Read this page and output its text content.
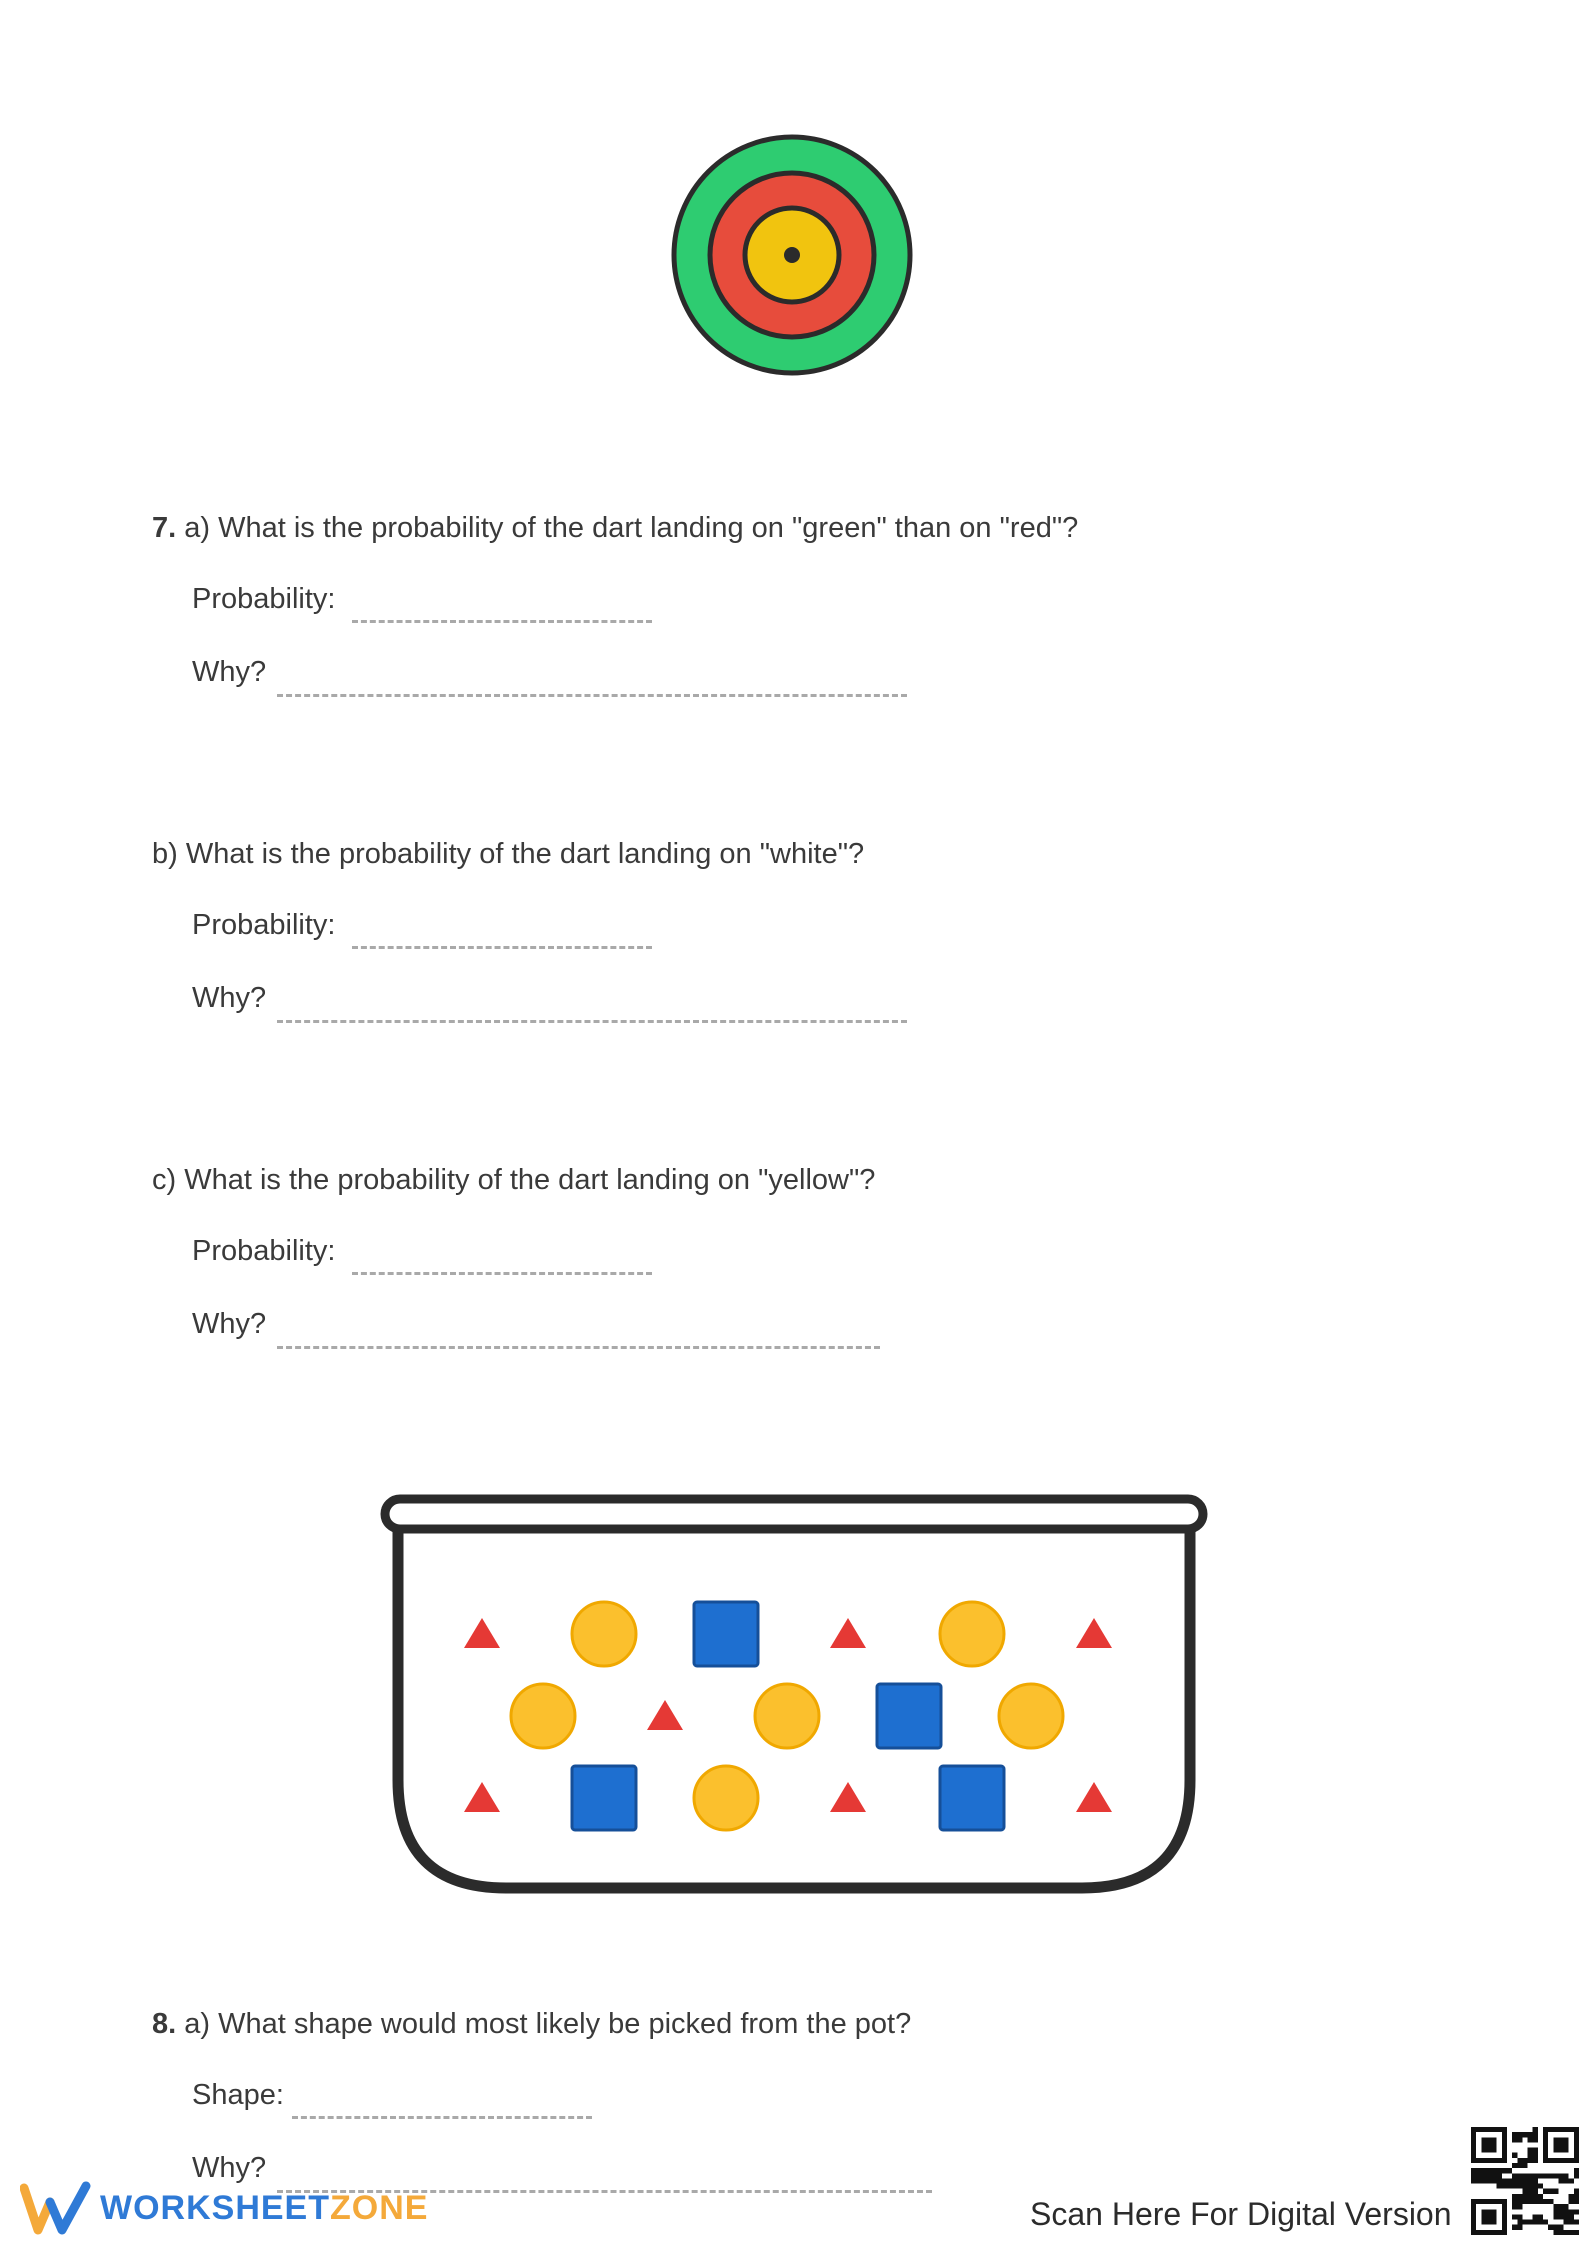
7. a) What is the probability of the dart landing on "green" than on "red"?
Probability:
Why?
b) What is the probability of the dart landing on "white"?
Probability:
Why?
c) What is the probability of the dart landing on "yellow"?
Probability:
Why?
8. a) What shape would most likely be picked from the pot?
Shape:
Why?
WORKSHEETZONE	Scan Here For Digital Version
